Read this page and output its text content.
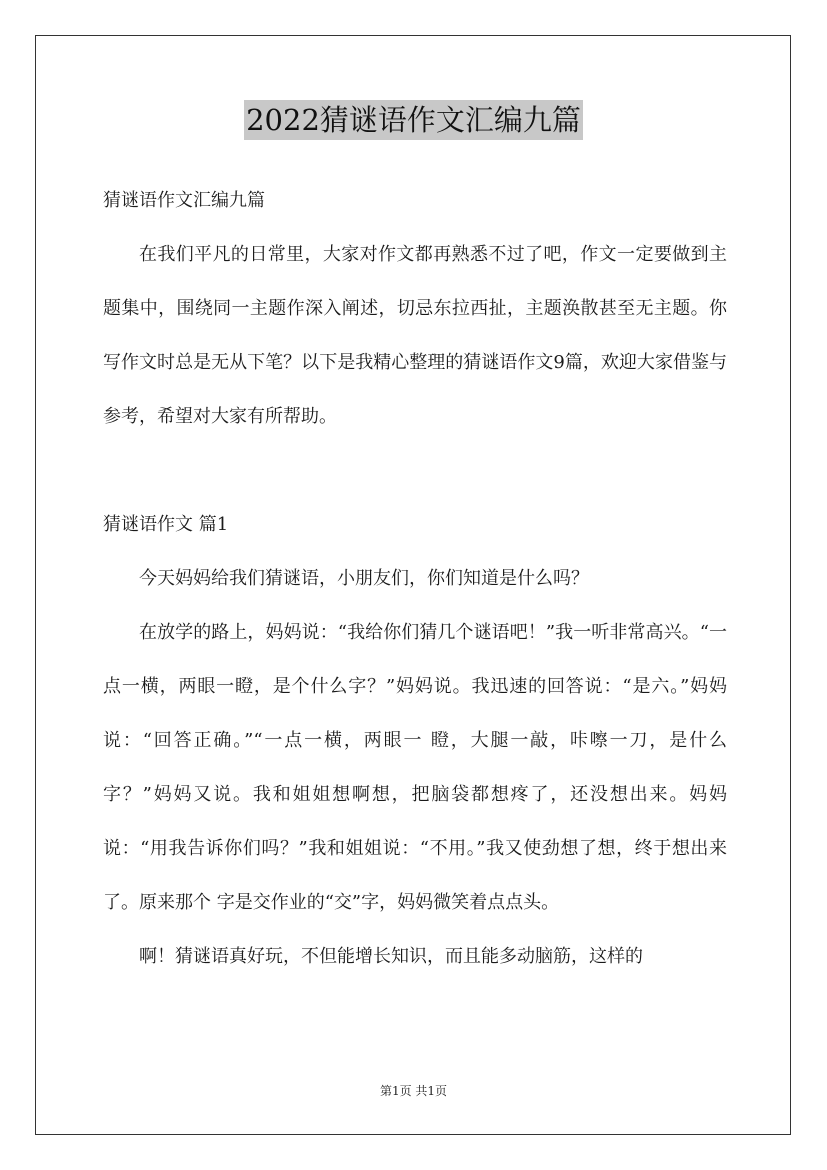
2022猜谜语作文汇编九篇

猜谜语作文汇编九篇

在我们平凡的日常里，大家对作文都再熟悉不过了吧，作文一定要做到主题集中，围绕同一主题作深入阐述，切忌东拉西扯，主题涣散甚至无主题。你写作文时总是无从下笔？以下是我精心整理的猜谜语作文9篇，欢迎大家借鉴与参考，希望对大家有所帮助。

猜谜语作文 篇1

今天妈妈给我们猜谜语，小朋友们，你们知道是什么吗？

在放学的路上，妈妈说：“我给你们猜几个谜语吧！”我一听非常高兴。“一点一横，两眼一瞪，是个什么字？”妈妈说。我迅速的回答说：“是六。”妈妈说：“回答正确。”“一点一横，两眼一 瞪，大腿一敲，咔嚓一刀，是什么字？”妈妈又说。我和姐姐想啊想，把脑袋都想疼了，还没想出来。妈妈说：“用我告诉你们吗？”我和姐姐说：“不用。”我又使劲想了想，终于想出来了。原来那个 字是交作业的“交”字，妈妈微笑着点点头。

啊！猜谜语真好玩，不但能增长知识，而且能多动脑筋，这样的

第1页 共1页
